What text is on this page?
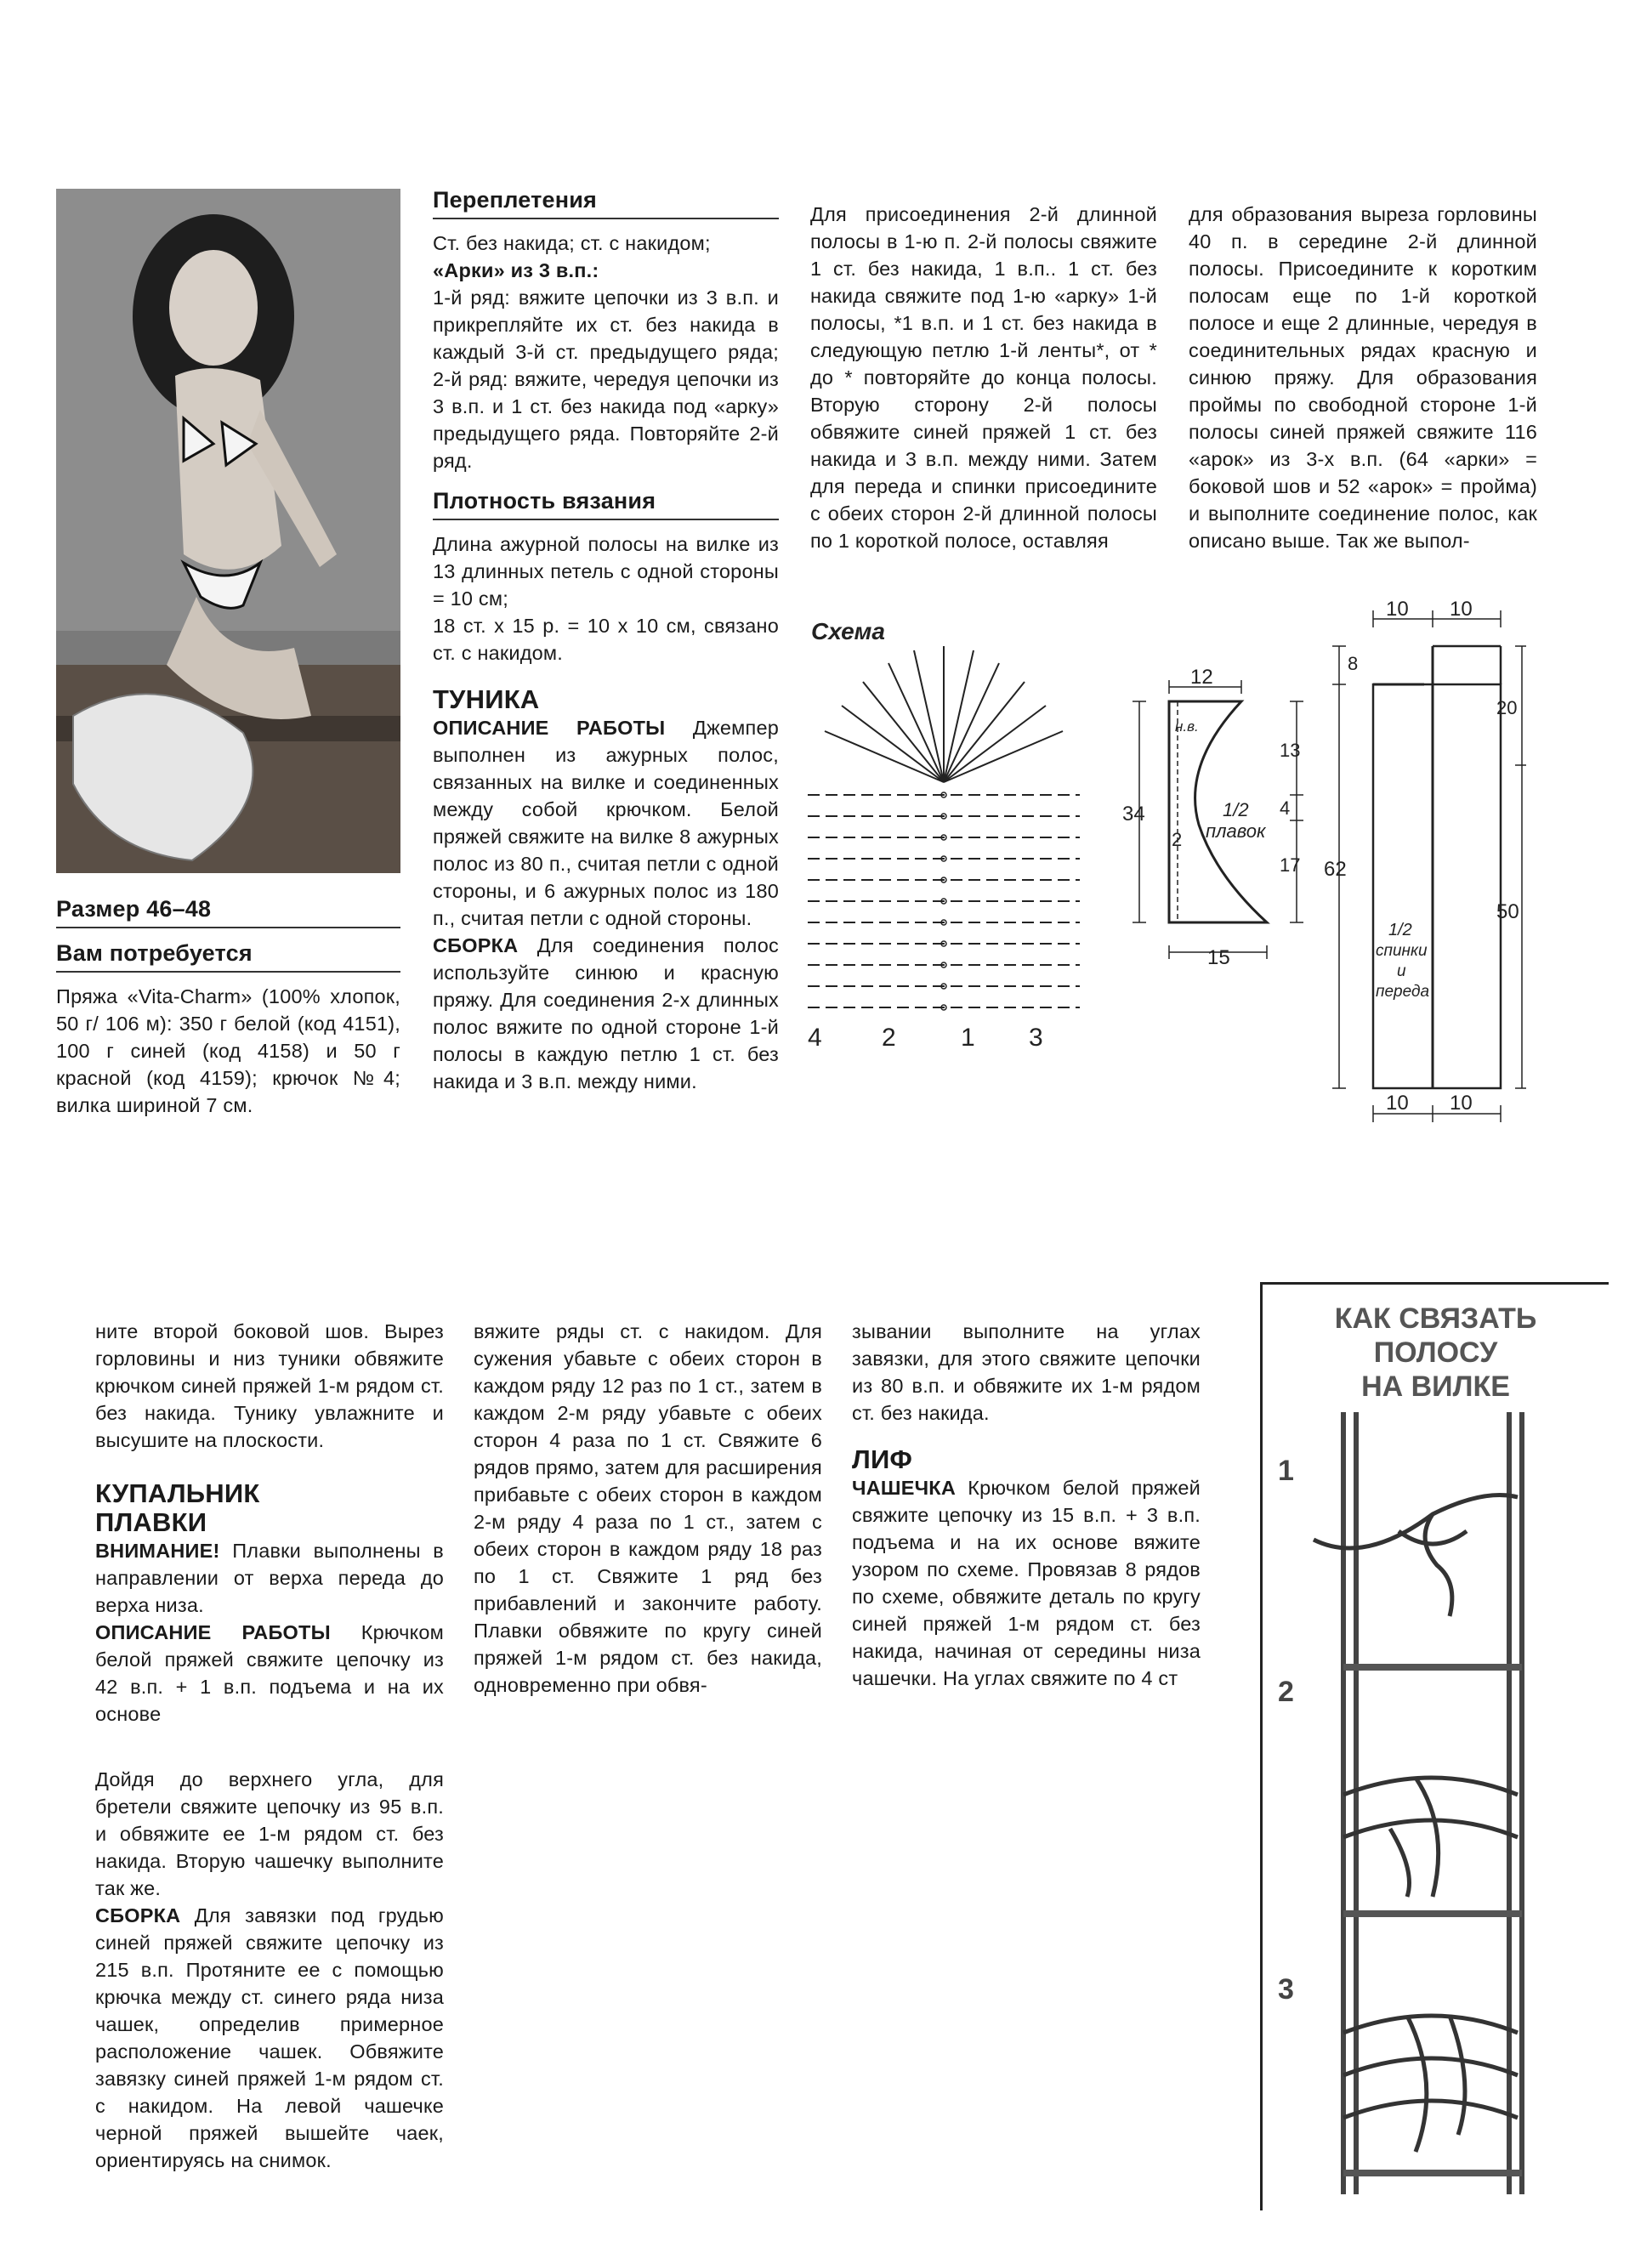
Размер 46–48
Вам потребуется

Пряжа «Vita-Charm» (100% хлопок, 50 г/ 106 м): 350 г белой (код 4151), 100 г синей (код 4158) и 50 г красной (код 4159); крючок №4; вилка шириной 7 см.

Переплетения

Ст. без накида; ст. с накидом;

«Арки» из 3 в.п.:

1-й ряд: вяжите цепочки из 3 в.п. и прикрепляйте их ст. без накида в каждый 3-й ст. предыдущего ряда; 2-й ряд: вяжите, чередуя цепочки из 3 в.п. и 1 ст. без накида под «арку» предыдущего ряда. Повторяйте 2-й ряд.

Плотность вязания

Длина ажурной полосы на вилке из 13 длинных петель с одной стороны = 10 см;

18 ст. х 15 р. = 10 х 10 см, связано ст. с накидом.

ТУНИКА

ОПИСАНИЕ РАБОТЫ Джемпер выполнен из ажурных полос, связанных на вилке и соединенных между собой крючком. Белой пряжей свяжите на вилке 8 ажурных полос из 80 п., считая петли с одной стороны, и 6 ажурных полос из 180 п., считая петли с одной стороны.

СБОРКА Для соединения полос используйте синюю и красную пряжу. Для соединения 2-х длинных полос вяжите по одной стороне 1-й полосы в каждую петлю 1 ст. без накида и 3 в.п. между ними.

Для присоединения 2-й длинной полосы в 1-ю п. 2-й полосы свяжите 1 ст. без накида, 1 в.п.. 1 ст. без накида свяжите под 1-ю «арку» 1-й полосы, *1 в.п. и 1 ст. без накида в следующую петлю 1-й ленты*, от * до * повторяйте до конца полосы. Вторую сторону 2-й полосы обвяжите синей пряжей 1 ст. без накида и 3 в.п. между ними. Затем для переда и спинки присоедините с обеих сторон 2-й длинной полосы по 1 короткой полосе, оставляя

для образования выреза горловины 40 п. в середине 2-й длинной полосы. Присоедините к коротким полосам еще по 1-й короткой полосе и еще 2 длинные, чередуя в соединительных рядах красную и синюю пряжу. Для образования проймы по свободной стороне 1-й полосы синей пряжей свяжите 116 «арок» из 3-х в.п. (64 «арки» = боковой шов и 52 «арок» = пройма) и выполните соединение полос, как описано выше. Так же выпол-

Схема
4 2	1 3
12
34
н.в.
2
13
4
17
1/2
плавок
15
10 10
8
20
62
50
1/2
спинки
и
переда
10 10

ните второй боковой шов. Вырез горловины и низ туники обвяжите крючком синей пряжей 1-м рядом ст. без накида. Тунику увлажните и высушите на плоскости.

КУПАЛЬНИК
ПЛАВКИ

ВНИМАНИЕ! Плавки выполнены в направлении от верха переда до верха низа.

ОПИСАНИЕ РАБОТЫ Крючком белой пряжей свяжите цепочку из 42 в.п. + 1 в.п. подъема и на их основе

вяжите ряды ст. с накидом. Для сужения убавьте с обеих сторон в каждом ряду 12 раз по 1 ст., затем в каждом 2-м ряду убавьте с обеих сторон 4 раза по 1 ст. Свяжите 6 рядов прямо, затем для расширения прибавьте с обеих сторон в каждом 2-м ряду 4 раза по 1 ст., затем с обеих сторон в каждом ряду 18 раз по 1 ст. Свяжите 1 ряд без прибавлений и закончите работу. Плавки обвяжите по кругу синей пряжей 1-м рядом ст. без накида, одновременно при обвя-

зывании выполните на углах завязки, для этого свяжите цепочки из 80 в.п. и обвяжите их 1-м рядом ст. без накида.

ЛИФ

ЧАШЕЧКА Крючком белой пряжей свяжите цепочку из 15 в.п. + 3 в.п. подъема и на их основе вяжите узором по схеме. Провязав 8 рядов по схеме, обвяжите деталь по кругу синей пряжей 1-м рядом ст. без накида, начиная от середины низа чашечки. На углах свяжите по 4 ст

Дойдя до верхнего угла, для бретели свяжите цепочку из 95 в.п. и обвяжите ее 1-м рядом ст. без накида. Вторую чашечку выполните так же.

СБОРКА Для завязки под грудью синей пряжей свяжите цепочку из 215 в.п. Протяните ее с помощью крючка между ст. синего ряда низа чашек, определив примерное расположение чашек. Обвяжите завязку синей пряжей 1-м рядом ст. с накидом. На левой чашечке черной пряжей вышейте чаек, ориентируясь на снимок.

КАК СВЯЗАТЬ
ПОЛОСУ
НА ВИЛКЕ
1
2
3
